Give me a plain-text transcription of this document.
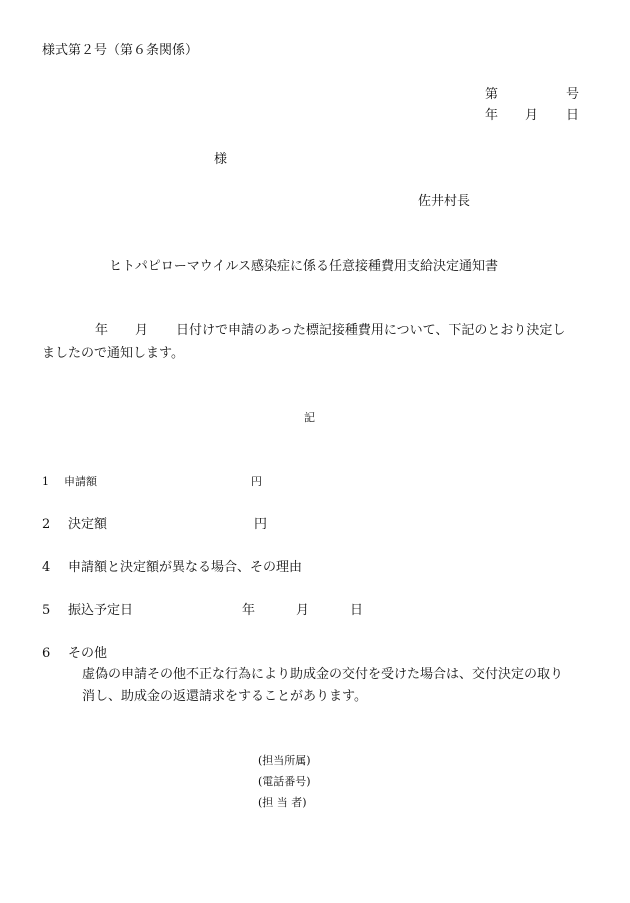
様式第２号（第６条関係）
第	号
年 月 日
様
佐井村長
ヒトパピローマウイルス感染症に係る任意接種費用支給決定通知書
年 月 日付けで申請のあった標記接種費用について、下記のとおり決定し
ましたので通知します。
記
1 申請額	円
2 決定額	円
4 申請額と決定額が異なる場合、その理由
5 振込予定日	年	月	日
6 その他
虚偽の申請その他不正な行為により助成金の交付を受けた場合は、交付決定の取り
消し、助成金の返還請求をすることがあります。
(担当所属)
(電話番号)
(担 当 者)
